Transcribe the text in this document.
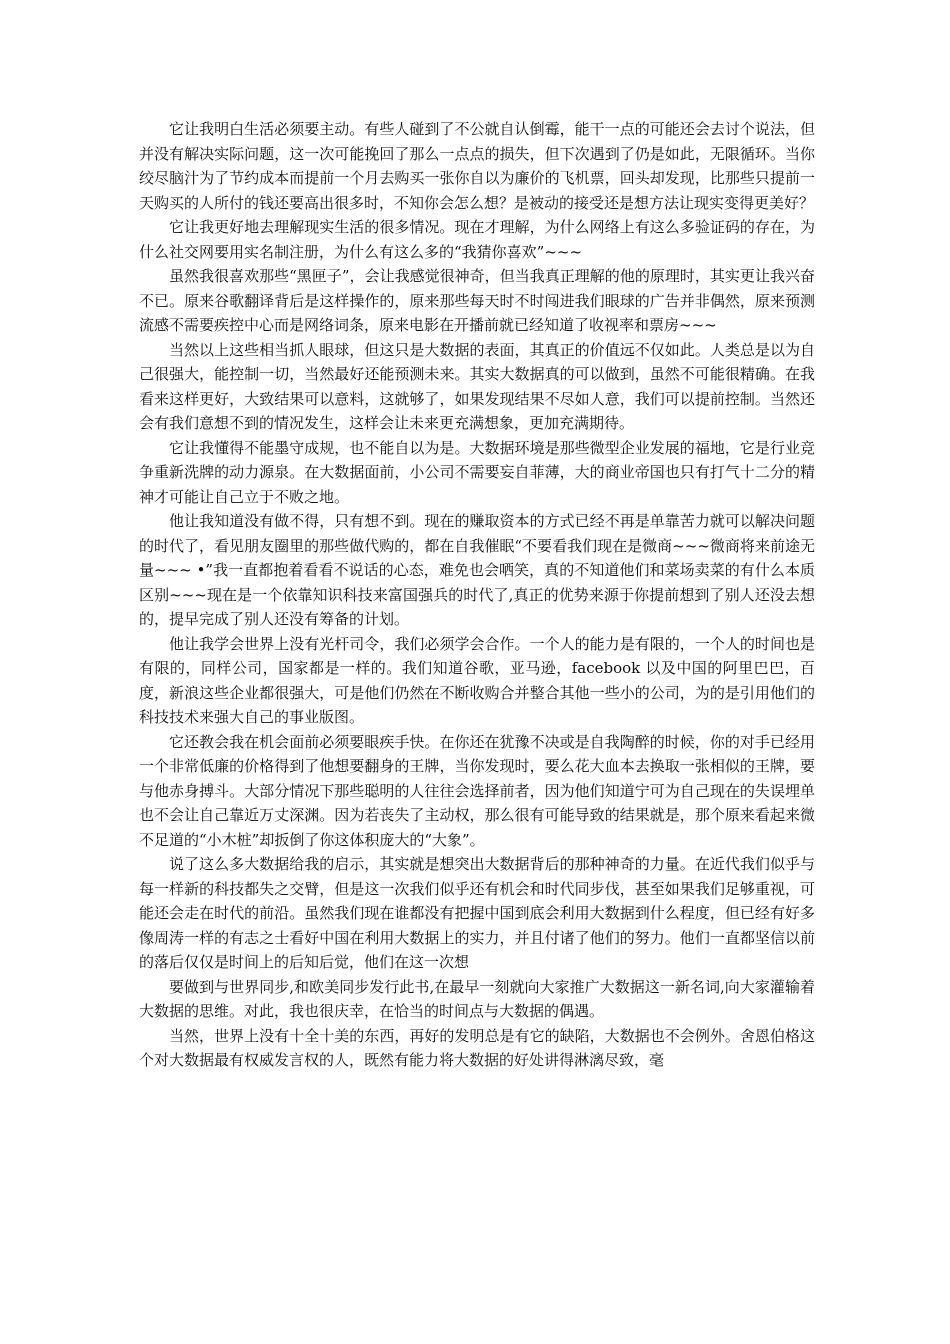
它让我明白生活必须要主动。有些人碰到了不公就自认倒霉，能干一点的可能还会去讨个说法，但并没有解决实际问题，这一次可能挽回了那么一点点的损失，但下次遇到了仍是如此，无限循环。当你绞尽脑汁为了节约成本而提前一个月去购买一张你自以为廉价的飞机票，回头却发现，比那些只提前一天购买的人所付的钱还要高出很多时，不知你会怎么想？是被动的接受还是想方法让现实变得更美好？

它让我更好地去理解现实生活的很多情况。现在才理解，为什么网络上有这么多验证码的存在，为什么社交网要用实名制注册，为什么有这么多的“我猜你喜欢”~~~

虽然我很喜欢那些“黑匣子”，会让我感觉很神奇，但当我真正理解的他的原理时，其实更让我兴奋不已。原来谷歌翻译背后是这样操作的，原来那些每天时不时闯进我们眼球的广告并非偶然，原来预测流感不需要疾控中心而是网络词条，原来电影在开播前就已经知道了收视率和票房~~~

当然以上这些相当抓人眼球，但这只是大数据的表面，其真正的价值远不仅如此。人类总是以为自己很强大，能控制一切，当然最好还能预测未来。其实大数据真的可以做到，虽然不可能很精确。在我看来这样更好，大致结果可以意料，这就够了，如果发现结果不尽如人意，我们可以提前控制。当然还会有我们意想不到的情况发生，这样会让未来更充满想象，更加充满期待。

它让我懂得不能墨守成规，也不能自以为是。大数据环境是那些微型企业发展的福地，它是行业竞争重新洗牌的动力源泉。在大数据面前，小公司不需要妄自菲薄，大的商业帝国也只有打气十二分的精神才可能让自己立于不败之地。

他让我知道没有做不得，只有想不到。现在的赚取资本的方式已经不再是单靠苦力就可以解决问题的时代了，看见朋友圈里的那些做代购的，都在自我催眠“不要看我们现在是微商~~~微商将来前途无量~~~ •”我一直都抱着看看不说话的心态，难免也会哂笑，真的不知道他们和菜场卖菜的有什么本质区别~~~现在是一个依靠知识科技来富国强兵的时代了,真正的优势来源于你提前想到了别人还没去想的，提早完成了别人还没有筹备的计划。

他让我学会世界上没有光杆司令，我们必须学会合作。一个人的能力是有限的，一个人的时间也是有限的，同样公司，国家都是一样的。我们知道谷歌，亚马逊，facebook 以及中国的阿里巴巴，百度，新浪这些企业都很强大，可是他们仍然在不断收购合并整合其他一些小的公司，为的是引用他们的科技技术来强大自己的事业版图。

它还教会我在机会面前必须要眼疾手快。在你还在犹豫不决或是自我陶醉的时候，你的对手已经用一个非常低廉的价格得到了他想要翻身的王牌，当你发现时，要么花大血本去换取一张相似的王牌，要与他赤身搏斗。大部分情况下那些聪明的人往往会选择前者，因为他们知道宁可为自己现在的失误埋单也不会让自己靠近万丈深渊。因为若丧失了主动权，那么很有可能导致的结果就是，那个原来看起来微不足道的“小木桩”却扳倒了你这体积庞大的“大象”。

说了这么多大数据给我的启示，其实就是想突出大数据背后的那种神奇的力量。在近代我们似乎与每一样新的科技都失之交臂，但是这一次我们似乎还有机会和时代同步伐，甚至如果我们足够重视，可能还会走在时代的前沿。虽然我们现在谁都没有把握中国到底会利用大数据到什么程度，但已经有好多像周涛一样的有志之士看好中国在利用大数据上的实力，并且付诸了他们的努力。他们一直都坚信以前的落后仅仅是时间上的后知后觉，他们在这一次想

要做到与世界同步,和欧美同步发行此书,在最早一刻就向大家推广大数据这一新名词,向大家灌输着大数据的思维。对此，我也很庆幸，在恰当的时间点与大数据的偶遇。

当然，世界上没有十全十美的东西，再好的发明总是有它的缺陷，大数据也不会例外。舍恩伯格这个对大数据最有权威发言权的人，既然有能力将大数据的好处讲得淋漓尽致，毫
